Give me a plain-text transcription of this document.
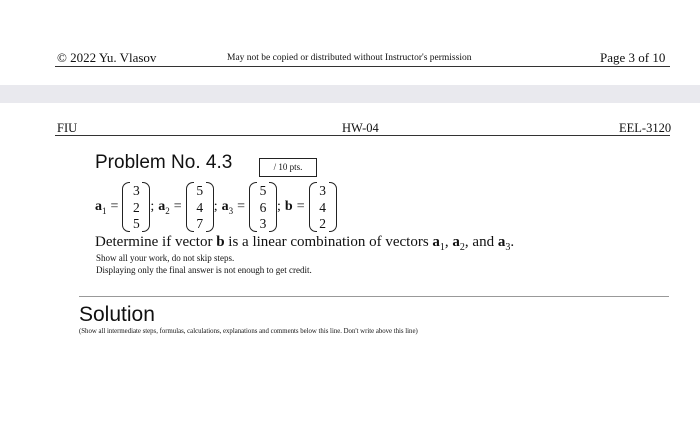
© 2022 Yu. Vlasov	May not be copied or distributed without Instructor's permission	Page 3 of 10
FIU	HW-04	EEL-3120
Problem No. 4.3	/ 10 pts.
$a_1$ =
3
2
5
; $a_2$ =
5
4
7
; $a_3$ =
5
6
3
; b =
3
4
2
Determine if vector b is a linear combination of vectors $a_1$, $a_2$, and $a_3$.
Show all your work, do not skip steps.
Displaying only the final answer is not enough to get credit.
Solution
(Show all intermediate steps, formulas, calculations, explanations and comments below this line. Don't write above this line)
